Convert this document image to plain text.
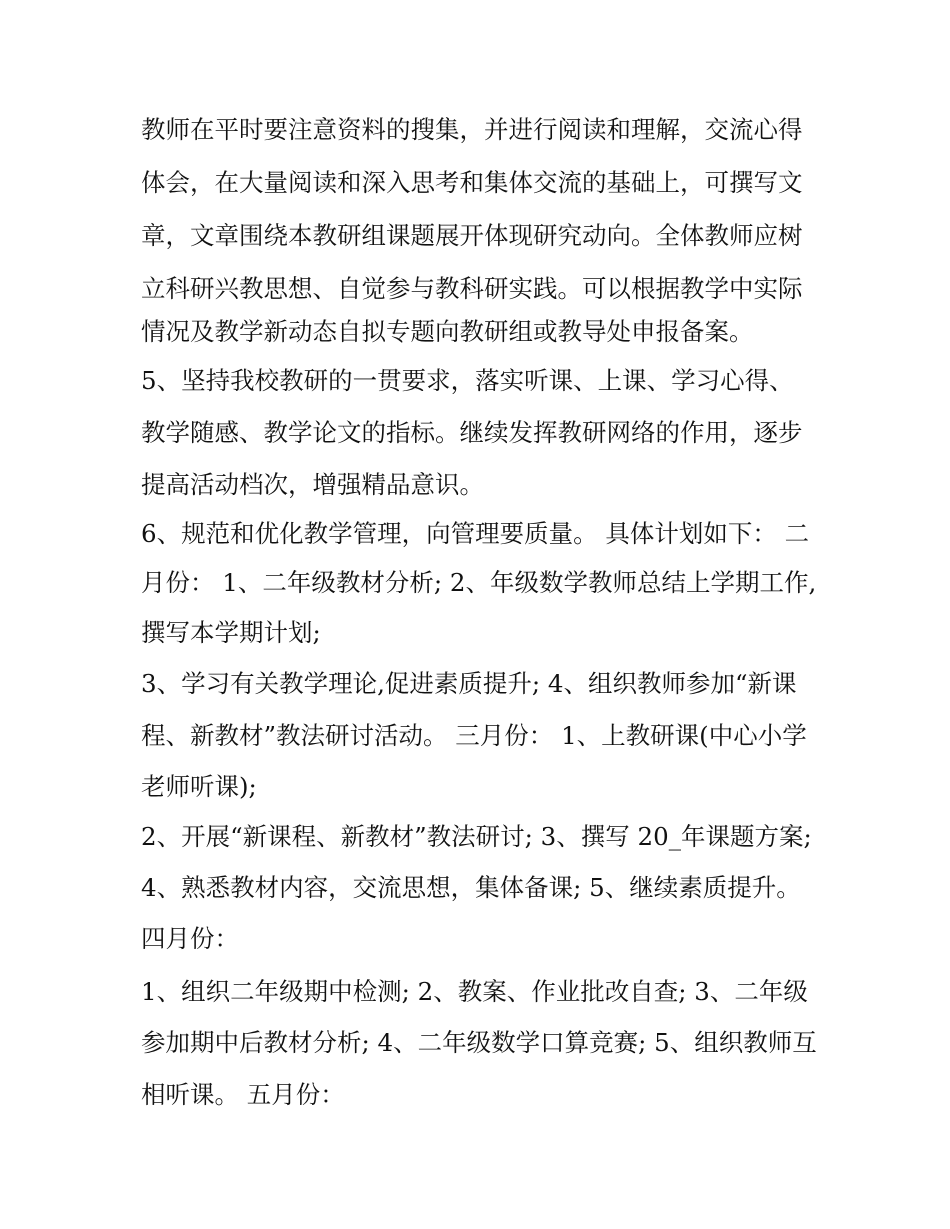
教师在平时要注意资料的搜集，并进行阅读和理解，交流心得
体会，在大量阅读和深入思考和集体交流的基础上，可撰写文
章，文章围绕本教研组课题展开体现研究动向。全体教师应树
立科研兴教思想、自觉参与教科研实践。可以根据教学中实际
情况及教学新动态自拟专题向教研组或教导处申报备案。
5、坚持我校教研的一贯要求，落实听课、上课、学习心得、
教学随感、教学论文的指标。继续发挥教研网络的作用，逐步
提高活动档次，增强精品意识。
6、规范和优化教学管理，向管理要质量。 具体计划如下： 二
月份： 1、二年级教材分析; 2、年级数学教师总结上学期工作,
撰写本学期计划;
3、学习有关教学理论,促进素质提升; 4、组织教师参加“新课
程、新教材”教法研讨活动。 三月份： 1、上教研课(中心小学
老师听课);
2、开展“新课程、新教材”教法研讨; 3、撰写 20_年课题方案;
4、熟悉教材内容，交流思想，集体备课; 5、继续素质提升。
四月份：
1、组织二年级期中检测; 2、教案、作业批改自查; 3、二年级
参加期中后教材分析; 4、二年级数学口算竞赛; 5、组织教师互
相听课。 五月份：
